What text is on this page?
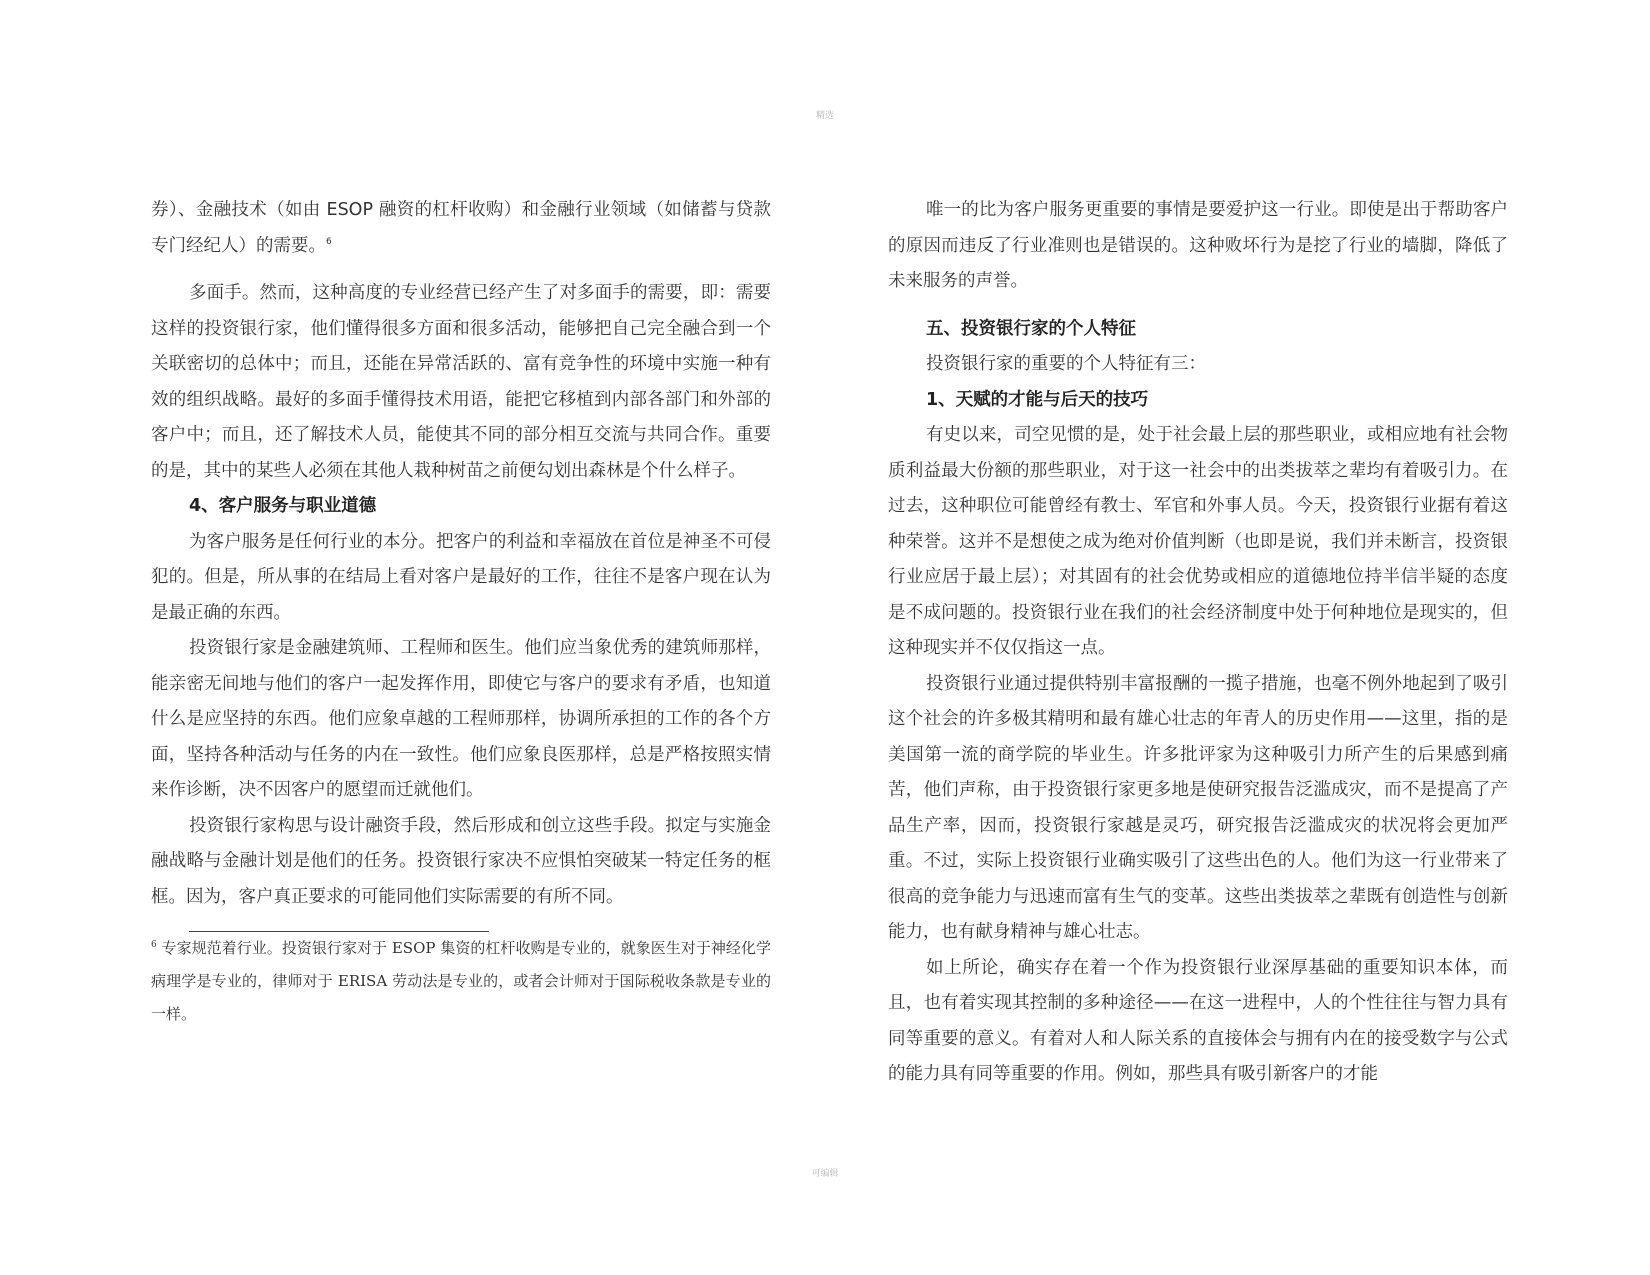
精选

券）、金融技术（如由 ESOP 融资的杠杆收购）和金融行业领域（如储蓄与贷款专门经纪人）的需要。$^6$

多面手。然而，这种高度的专业经营已经产生了对多面手的需要，即：需要这样的投资银行家，他们懂得很多方面和很多活动，能够把自己完全融合到一个关联密切的总体中；而且，还能在异常活跃的、富有竞争性的环境中实施一种有效的组织战略。最好的多面手懂得技术用语，能把它移植到内部各部门和外部的客户中；而且，还了解技术人员，能使其不同的部分相互交流与共同合作。重要的是，其中的某些人必须在其他人栽种树苗之前便勾划出森林是个什么样子。

4、客户服务与职业道德

为客户服务是任何行业的本分。把客户的利益和幸福放在首位是神圣不可侵犯的。但是，所从事的在结局上看对客户是最好的工作，往往不是客户现在认为是最正确的东西。

投资银行家是金融建筑师、工程师和医生。他们应当象优秀的建筑师那样，能亲密无间地与他们的客户一起发挥作用，即使它与客户的要求有矛盾，也知道什么是应坚持的东西。他们应象卓越的工程师那样，协调所承担的工作的各个方面，坚持各种活动与任务的内在一致性。他们应象良医那样，总是严格按照实情来作诊断，决不因客户的愿望而迁就他们。

投资银行家构思与设计融资手段，然后形成和创立这些手段。拟定与实施金融战略与金融计划是他们的任务。投资银行家决不应惧怕突破某一特定任务的框框。因为，客户真正要求的可能同他们实际需要的有所不同。

$^6$ 专家规范着行业。投资银行家对于 ESOP 集资的杠杆收购是专业的，就象医生对于神经化学病理学是专业的，律师对于 ERISA 劳动法是专业的，或者会计师对于国际税收条款是专业的一样。

唯一的比为客户服务更重要的事情是要爱护这一行业。即使是出于帮助客户的原因而违反了行业准则也是错误的。这种败坏行为是挖了行业的墙脚，降低了未来服务的声誉。

五、投资银行家的个人特征

投资银行家的重要的个人特征有三：

1、天赋的才能与后天的技巧

有史以来，司空见惯的是，处于社会最上层的那些职业，或相应地有社会物质利益最大份额的那些职业，对于这一社会中的出类拔萃之辈均有着吸引力。在过去，这种职位可能曾经有教士、军官和外事人员。今天，投资银行业据有着这种荣誉。这并不是想使之成为绝对价值判断（也即是说，我们并未断言，投资银行业应居于最上层）；对其固有的社会优势或相应的道德地位持半信半疑的态度是不成问题的。投资银行业在我们的社会经济制度中处于何种地位是现实的，但这种现实并不仅仅指这一点。

投资银行业通过提供特别丰富报酬的一揽子措施，也毫不例外地起到了吸引这个社会的许多极其精明和最有雄心壮志的年青人的历史作用——这里，指的是美国第一流的商学院的毕业生。许多批评家为这种吸引力所产生的后果感到痛苦，他们声称，由于投资银行家更多地是使研究报告泛滥成灾，而不是提高了产品生产率，因而，投资银行家越是灵巧，研究报告泛滥成灾的状况将会更加严重。不过，实际上投资银行业确实吸引了这些出色的人。他们为这一行业带来了很高的竞争能力与迅速而富有生气的变革。这些出类拔萃之辈既有创造性与创新能力，也有献身精神与雄心壮志。

如上所论，确实存在着一个作为投资银行业深厚基础的重要知识本体，而且，也有着实现其控制的多种途径——在这一进程中，人的个性往往与智力具有同等重要的意义。有着对人和人际关系的直接体会与拥有内在的接受数字与公式的能力具有同等重要的作用。例如，那些具有吸引新客户的才能

可编辑
